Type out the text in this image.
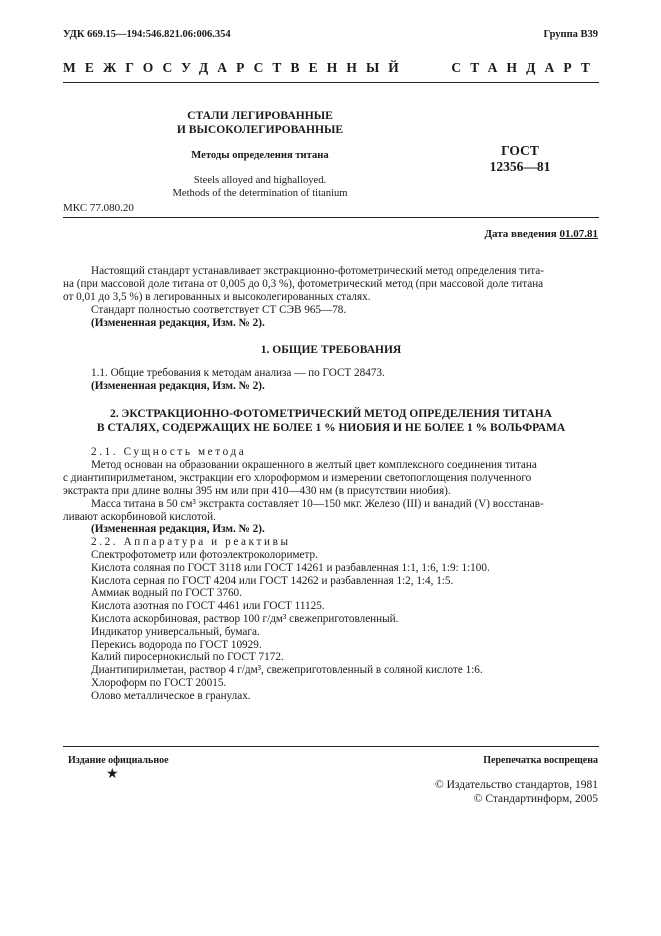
УДК 669.15—194:546.821.06:006.354	Группа В39
МЕЖГОСУДАРСТВЕННЫЙ СТАНДАРТ
СТАЛИ ЛЕГИРОВАННЫЕ
И ВЫСОКОЛЕГИРОВАННЫЕ
Методы определения титана
Steels alloyed and highalloyed.
Methods of the determination of titanium
ГОСТ
12356—81
МКС 77.080.20
Дата введения 01.07.81
Настоящий стандарт устанавливает экстракционно-фотометрический метод определения тита-
на (при массовой доле титана от 0,005 до 0,3 %), фотометрический метод (при массовой доле титана
от 0,01 до 3,5 %) в легированных и высоколегированных сталях.
Стандарт полностью соответствует СТ СЭВ 965—78.
(Измененная редакция, Изм. № 2).
1. ОБЩИЕ ТРЕБОВАНИЯ
1.1. Общие требования к методам анализа — по ГОСТ 28473.
(Измененная редакция, Изм. № 2).
2. ЭКСТРАКЦИОННО-ФОТОМЕТРИЧЕСКИЙ МЕТОД ОПРЕДЕЛЕНИЯ ТИТАНА
В СТАЛЯХ, СОДЕРЖАЩИХ НЕ БОЛЕЕ 1 % НИОБИЯ И НЕ БОЛЕЕ 1 % ВОЛЬФРАМА
2.1. Сущность метода
Метод основан на образовании окрашенного в желтый цвет комплексного соединения титана
с диантипирилметаном, экстракции его хлороформом и измерении светопоглощения полученного
экстракта при длине волны 395 нм или при 410—430 нм (в присутствии ниобия).
Масса титана в 50 см³ экстракта составляет 10—150 мкг. Железо (III) и ванадий (V) восстанав-
ливают аскорбиновой кислотой.
(Измененная редакция, Изм. № 2).
2.2. Аппаратура и реактивы
Спектрофотометр или фотоэлектроколориметр.
Кислота соляная по ГОСТ 3118 или ГОСТ 14261 и разбавленная 1:1, 1:6, 1:9: 1:100.
Кислота серная по ГОСТ 4204 или ГОСТ 14262 и разбавленная 1:2, 1:4, 1:5.
Аммиак водный по ГОСТ 3760.
Кислота азотная по ГОСТ 4461 или ГОСТ 11125.
Кислота аскорбиновая, раствор 100 г/дм³ свежеприготовленный.
Индикатор универсальный, бумага.
Перекись водорода по ГОСТ 10929.
Калий пиросернокислый по ГОСТ 7172.
Диантипирилметан, раствор 4 г/дм³, свежеприготовленный в соляной кислоте 1:6.
Хлороформ по ГОСТ 20015.
Олово металлическое в гранулах.
Издание официальное	Перепечатка воспрещена
★
© Издательство стандартов, 1981
© Стандартинформ, 2005
